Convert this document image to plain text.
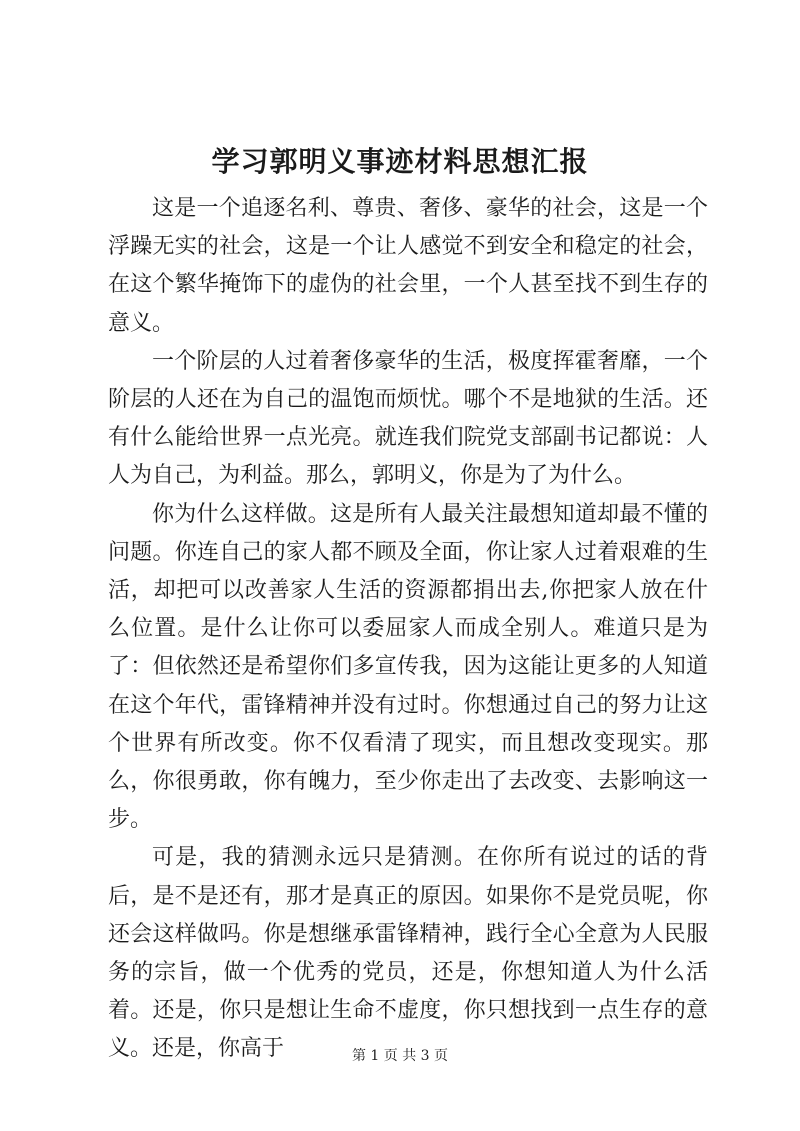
学习郭明义事迹材料思想汇报

这是一个追逐名利、尊贵、奢侈、豪华的社会，这是一个浮躁无实的社会，这是一个让人感觉不到安全和稳定的社会，在这个繁华掩饰下的虚伪的社会里，一个人甚至找不到生存的意义。

一个阶层的人过着奢侈豪华的生活，极度挥霍奢靡，一个阶层的人还在为自己的温饱而烦忧。哪个不是地狱的生活。还有什么能给世界一点光亮。就连我们院党支部副书记都说：人人为自己，为利益。那么，郭明义，你是为了为什么。

你为什么这样做。这是所有人最关注最想知道却最不懂的问题。你连自己的家人都不顾及全面，你让家人过着艰难的生活，却把可以改善家人生活的资源都捐出去,你把家人放在什么位置。是什么让你可以委屈家人而成全别人。难道只是为了：但依然还是希望你们多宣传我，因为这能让更多的人知道在这个年代，雷锋精神并没有过时。你想通过自己的努力让这个世界有所改变。你不仅看清了现实，而且想改变现实。那么，你很勇敢，你有魄力，至少你走出了去改变、去影响这一步。

可是，我的猜测永远只是猜测。在你所有说过的话的背后，是不是还有，那才是真正的原因。如果你不是党员呢，你还会这样做吗。你是想继承雷锋精神，践行全心全意为人民服务的宗旨，做一个优秀的党员，还是，你想知道人为什么活着。还是，你只是想让生命不虚度，你只想找到一点生存的意义。还是，你高于	第 1 页 共 3 页
